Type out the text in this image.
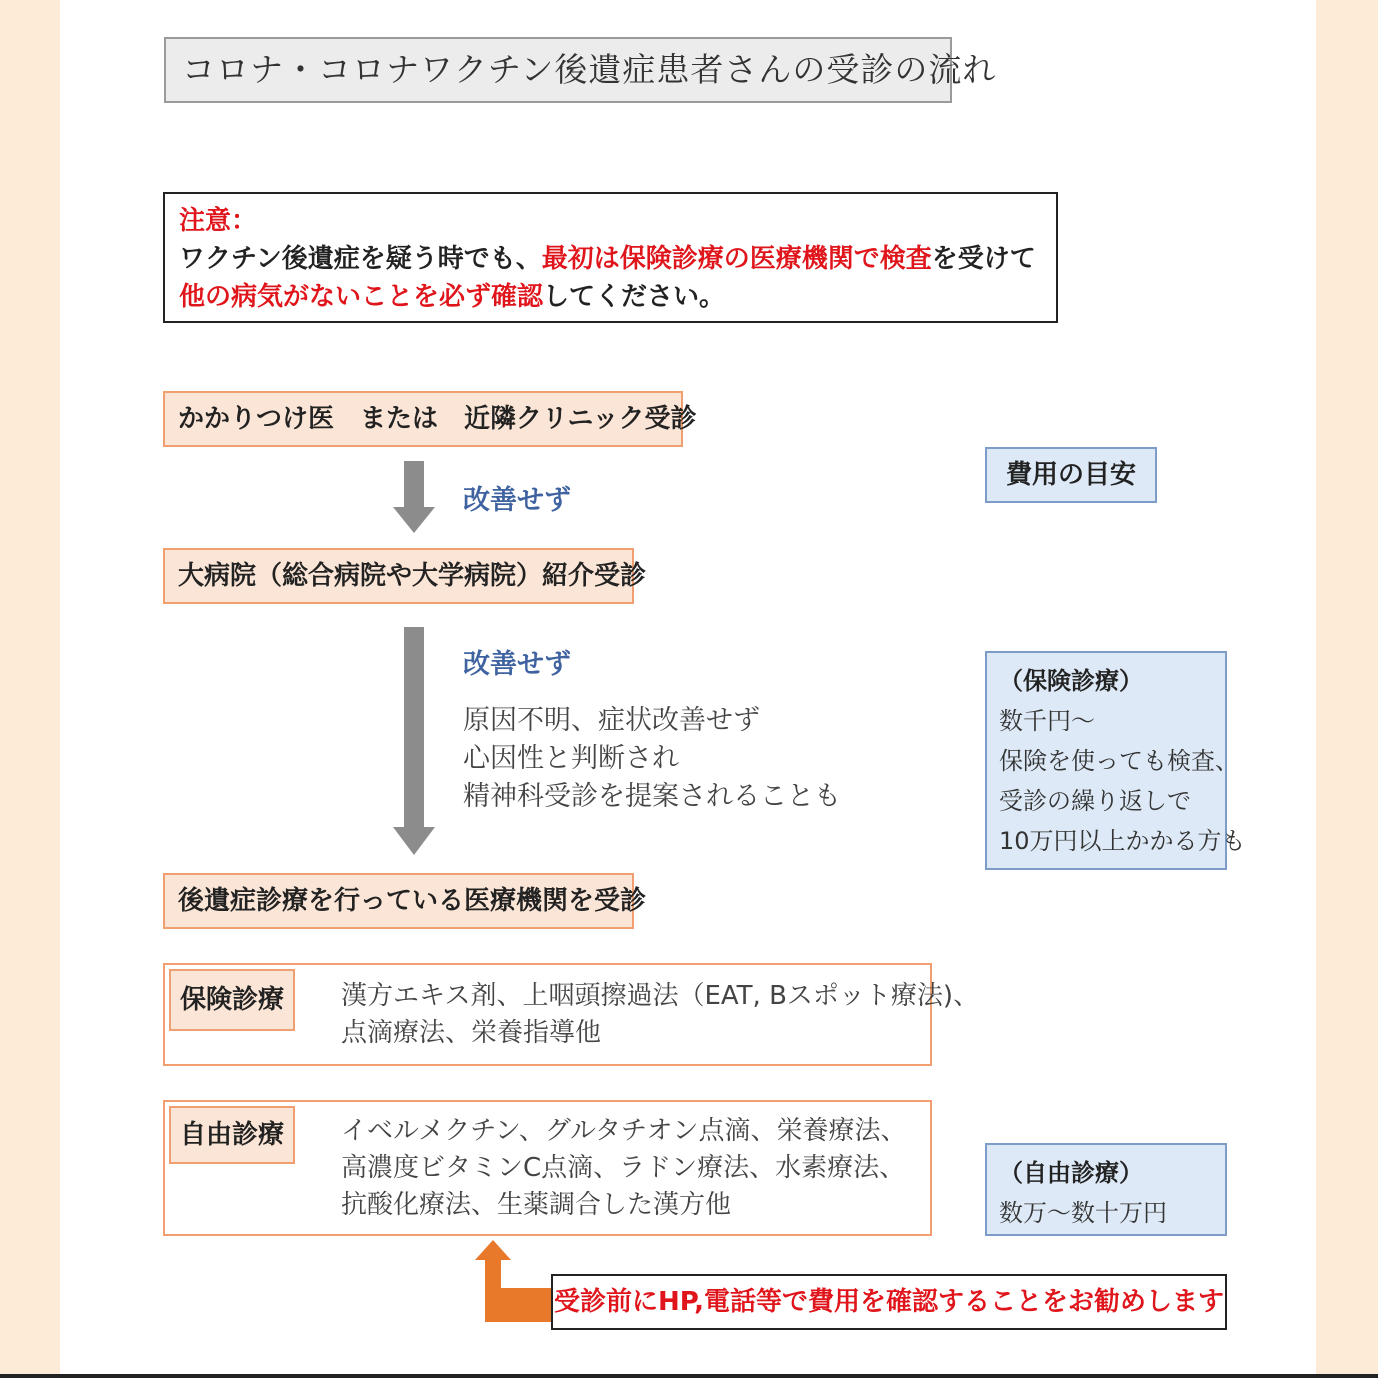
コロナ・コロナワクチン後遺症患者さんの受診の流れ
注意：
ワクチン後遺症を疑う時でも、最初は保険診療の医療機関で検査を受けて
他の病気がないことを必ず確認してください。
かかりつけ医　または　近隣クリニック受診
改善せず
大病院（総合病院や大学病院）紹介受診
改善せず
原因不明、症状改善せず
心因性と判断され
精神科受診を提案されることも
後遺症診療を行っている医療機関を受診
費用の目安
（保険診療）
数千円〜
保険を使っても検査、
受診の繰り返しで
10万円以上かかる方も
保険診療	漢方エキス剤、上咽頭擦過法（EAT, Bスポット療法)、
点滴療法、栄養指導他
自由診療	イベルメクチン、グルタチオン点滴、栄養療法、
高濃度ビタミンC点滴、ラドン療法、水素療法、
抗酸化療法、生薬調合した漢方他
（自由診療）
数万〜数十万円
受診前にHP,電話等で費用を確認することをお勧めします
